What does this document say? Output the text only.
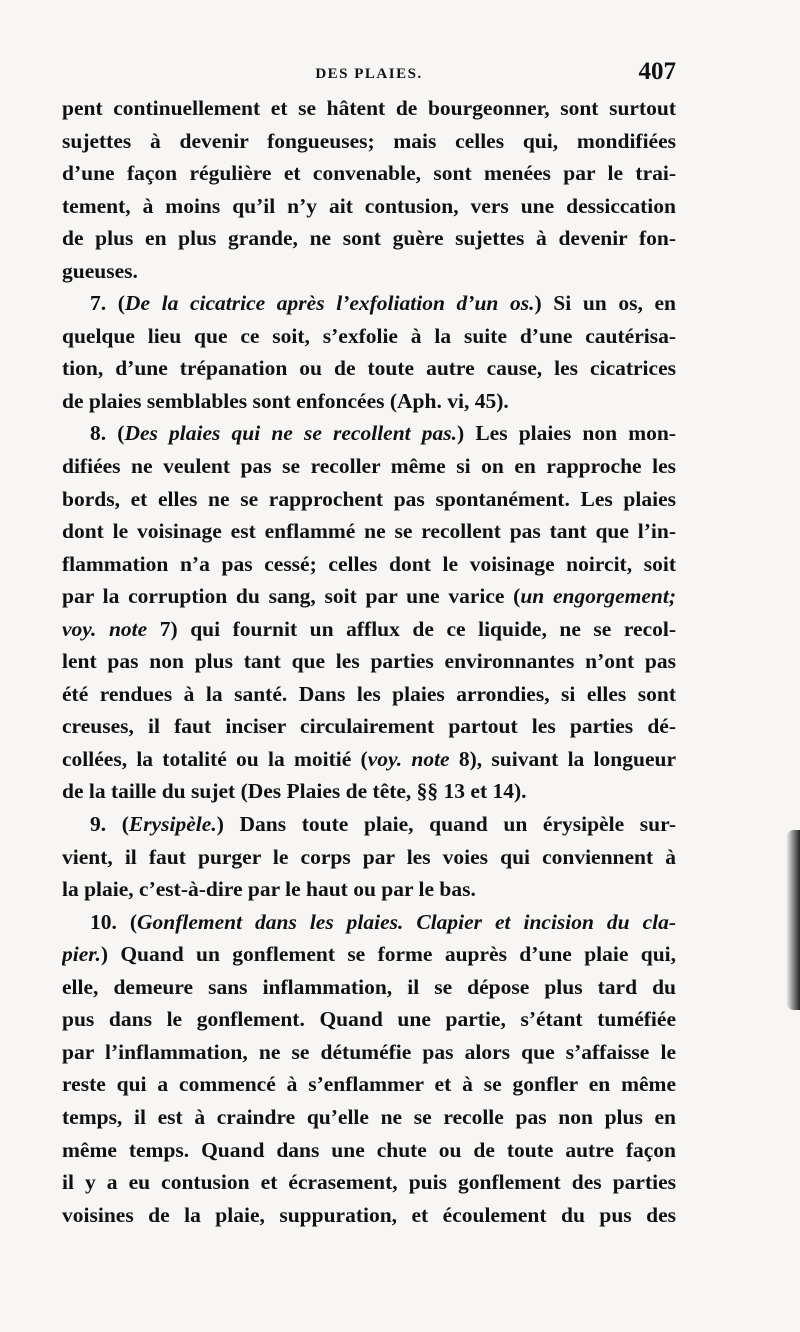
DES PLAIES.	407
pent continuellement et se hâtent de bourgeonner, sont surtout
sujettes à devenir fongueuses; mais celles qui, mondifiées
d’une façon régulière et convenable, sont menées par le trai-
tement, à moins qu’il n’y ait contusion, vers une dessiccation
de plus en plus grande, ne sont guère sujettes à devenir fon-
gueuses.
7. (De la cicatrice après l’exfoliation d’un os.) Si un os, en
quelque lieu que ce soit, s’exfolie à la suite d’une cautérisa-
tion, d’une trépanation ou de toute autre cause, les cicatrices
de plaies semblables sont enfoncées (Aph. vi, 45).
8. (Des plaies qui ne se recollent pas.) Les plaies non mon-
difiées ne veulent pas se recoller même si on en rapproche les
bords, et elles ne se rapprochent pas spontanément. Les plaies
dont le voisinage est enflammé ne se recollent pas tant que l’in-
flammation n’a pas cessé; celles dont le voisinage noircit, soit
par la corruption du sang, soit par une varice (un engorgement;
voy. note 7) qui fournit un afflux de ce liquide, ne se recol-
lent pas non plus tant que les parties environnantes n’ont pas
été rendues à la santé. Dans les plaies arrondies, si elles sont
creuses, il faut inciser circulairement partout les parties dé-
collées, la totalité ou la moitié (voy. note 8), suivant la longueur
de la taille du sujet (Des Plaies de tête, §§ 13 et 14).
9. (Erysipèle.) Dans toute plaie, quand un érysipèle sur-
vient, il faut purger le corps par les voies qui conviennent à
la plaie, c’est-à-dire par le haut ou par le bas.
10. (Gonflement dans les plaies. Clapier et incision du cla-
pier.) Quand un gonflement se forme auprès d’une plaie qui,
elle, demeure sans inflammation, il se dépose plus tard du
pus dans le gonflement. Quand une partie, s’étant tuméfiée
par l’inflammation, ne se détuméfie pas alors que s’affaisse le
reste qui a commencé à s’enflammer et à se gonfler en même
temps, il est à craindre qu’elle ne se recolle pas non plus en
même temps. Quand dans une chute ou de toute autre façon
il y a eu contusion et écrasement, puis gonflement des parties
voisines de la plaie, suppuration, et écoulement du pus des
